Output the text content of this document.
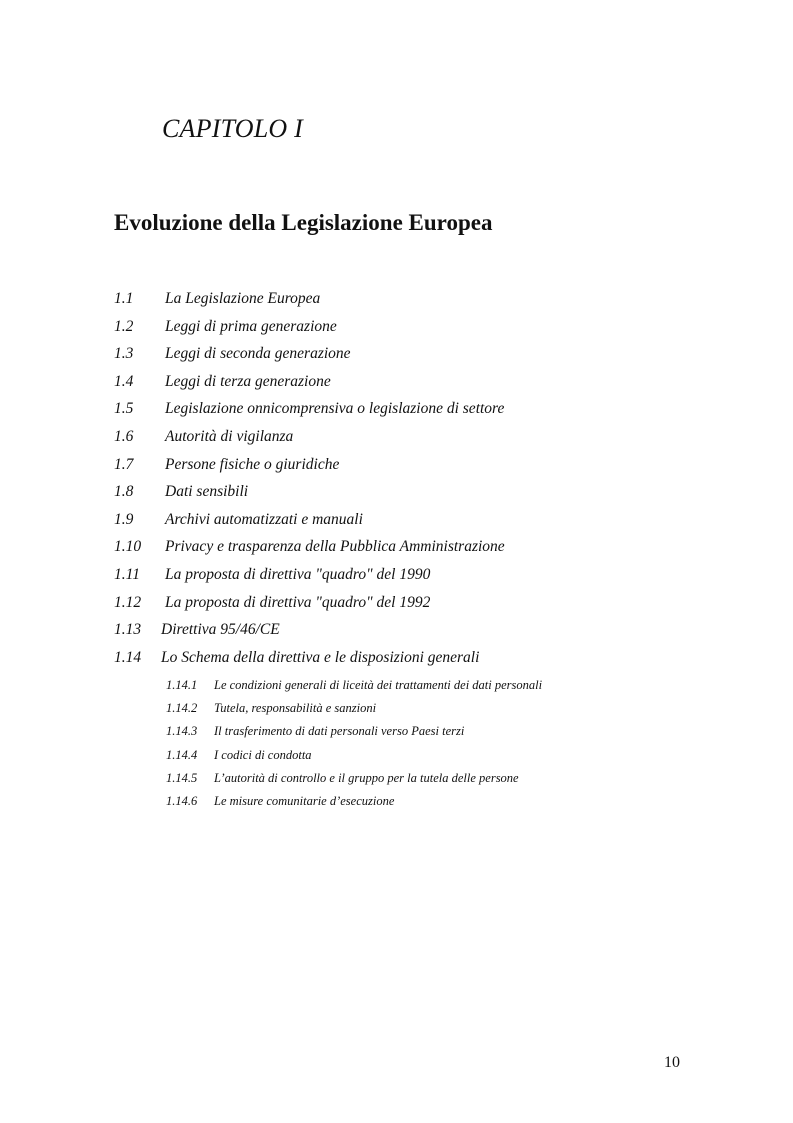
CAPITOLO I
Evoluzione della Legislazione Europea
1.1 La Legislazione Europea
1.2 Leggi di prima generazione
1.3 Leggi di seconda generazione
1.4 Leggi di terza generazione
1.5 Legislazione onnicomprensiva o legislazione di settore
1.6 Autorità di vigilanza
1.7 Persone fisiche o giuridiche
1.8 Dati sensibili
1.9 Archivi automatizzati e manuali
1.10 Privacy e trasparenza della Pubblica Amministrazione
1.11 La proposta di direttiva "quadro" del 1990
1.12 La proposta di direttiva "quadro" del 1992
1.13 Direttiva 95/46/CE
1.14 Lo Schema della direttiva e le disposizioni generali
1.14.1 Le condizioni generali di liceità dei trattamenti dei dati personali
1.14.2 Tutela, responsabilità e sanzioni
1.14.3 Il trasferimento di dati personali verso Paesi terzi
1.14.4 I codici di condotta
1.14.5 L’autorità di controllo e il gruppo per la tutela delle persone
1.14.6 Le misure comunitarie d’esecuzione
10
